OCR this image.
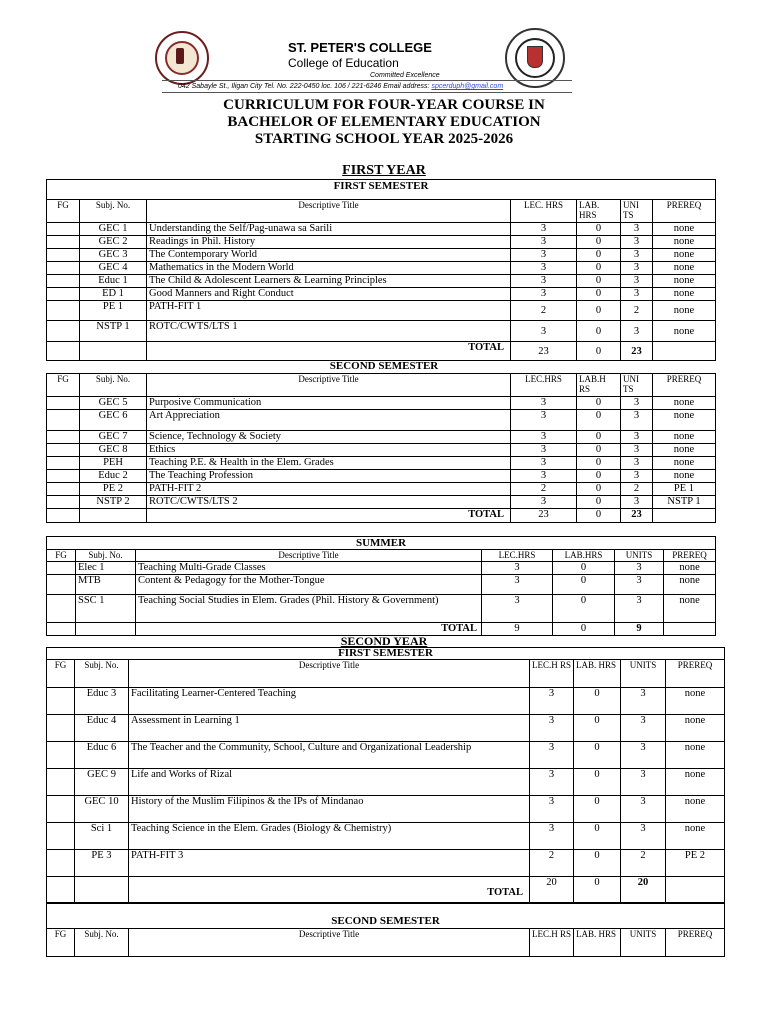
ST. PETER'S COLLEGE
College of Education
Committed Excellence
042 Sabayle St., Iligan City Tel. No. 222-0450 loc. 106 / 221-6246 Email address: spcerduph@gmail.com
CURRICULUM FOR FOUR-YEAR COURSE IN
BACHELOR OF ELEMENTARY EDUCATION
STARTING SCHOOL YEAR 2025-2026
FIRST YEAR
FIRST SEMESTER						
FG	Subj. No.	Descriptive Title	LEC. HRS	LAB. HRS	UNI TS	PREREQ
	GEC 1	Understanding the Self/Pag-unawa sa Sarili	3	0	3	none
	GEC 2	Readings in Phil. History	3	0	3	none
	GEC 3	The Contemporary World	3	0	3	none
	GEC 4	Mathematics in the Modern World	3	0	3	none
	Educ 1	The Child & Adolescent Learners & Learning Principles	3	0	3	none
	ED 1	Good Manners and Right Conduct	3	0	3	none
	PE 1	PATH-FIT 1	2	0	2	none
	NSTP 1	ROTC/CWTS/LTS 1	3	0	3	none
		TOTAL	23	0	23	
SECOND SEMESTER
FG	Subj. No.	Descriptive Title	LEC.HRS	LAB.H RS	UNI TS	PREREQ
	GEC 5	Purposive Communication	3	0	3	none
	GEC 6	Art Appreciation	3	0	3	none
	GEC 7	Science, Technology & Society	3	0	3	none
	GEC 8	Ethics	3	0	3	none
	PEH	Teaching P.E. & Health in the Elem. Grades	3	0	3	none
	Educ 2	The Teaching Profession	3	0	3	none
	PE 2	PATH-FIT 2	2	0	2	PE 1
	NSTP 2	ROTC/CWTS/LTS 2	3	0	3	NSTP 1
		TOTAL	23	0	23	
SUMMER						
FG	Subj. No.	Descriptive Title	LEC.HRS	LAB.HRS	UNITS	PREREQ
	Elec 1	Teaching Multi-Grade Classes	3	0	3	none
	MTB	Content & Pedagogy for the Mother-Tongue	3	0	3	none
	SSC 1	Teaching Social Studies in Elem. Grades (Phil. History & Government)	3	0	3	none
		TOTAL	9	0	9	
SECOND YEAR
FIRST SEMESTER						
FG	Subj. No.	Descriptive Title	LEC.H RS	LAB. HRS	UNITS	PREREQ
	Educ 3	Facilitating Learner-Centered Teaching	3	0	3	none
	Educ 4	Assessment in Learning 1	3	0	3	none
	Educ 6	The Teacher and the Community, School, Culture and Organizational Leadership	3	0	3	none
	GEC 9	Life and Works of Rizal	3	0	3	none
	GEC 10	History of the Muslim Filipinos & the IPs of Mindanao	3	0	3	none
	Sci 1	Teaching Science in the Elem. Grades (Biology & Chemistry)	3	0	3	none
	PE 3	PATH-FIT 3	2	0	2	PE 2
		TOTAL	20	0	20	
SECOND SEMESTER
FG	Subj. No.	Descriptive Title	LEC.H RS	LAB. HRS	UNITS	PREREQ
